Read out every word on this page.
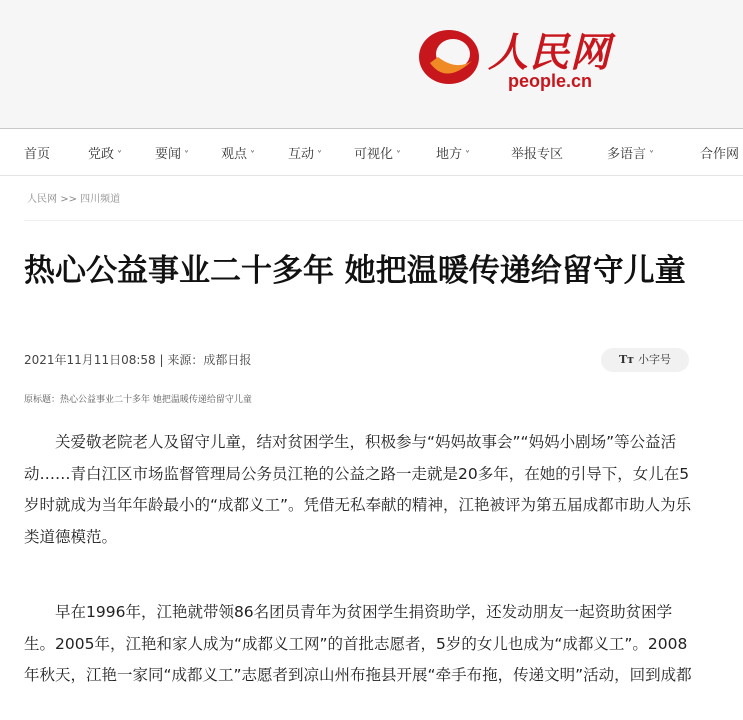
人民网
people.cn
首页	党政 ˅	要闻 ˅ 观点 ˅	互动 ˅ 可视化 ˅	地方 ˅	举报专区	多语言 ˅	合作网
人民网 >> 四川频道
热心公益事业二十多年 她把温暖传递给留守儿童
2021年11月11日08:58 | 来源：成都日报	Tт 小字号
原标题：热心公益事业二十多年 她把温暖传递给留守儿童

关爱敬老院老人及留守儿童，结对贫困学生，积极参与“妈妈故事会”“妈妈小剧场”等公益活动……青白江区市场监督管理局公务员江艳的公益之路一走就是20多年，在她的引导下，女儿在5岁时就成为当年年龄最小的“成都义工”。凭借无私奉献的精神，江艳被评为第五届成都市助人为乐类道德模范。

早在1996年，江艳就带领86名团员青年为贫困学生捐资助学，还发动朋友一起资助贫困学生。2005年，江艳和家人成为“成都义工网”的首批志愿者，5岁的女儿也成为“成都义工”。2008年秋天，江艳一家同“成都义工”志愿者到凉山州布拖县开展“牵手布拖，传递文明”活动，回到成都
